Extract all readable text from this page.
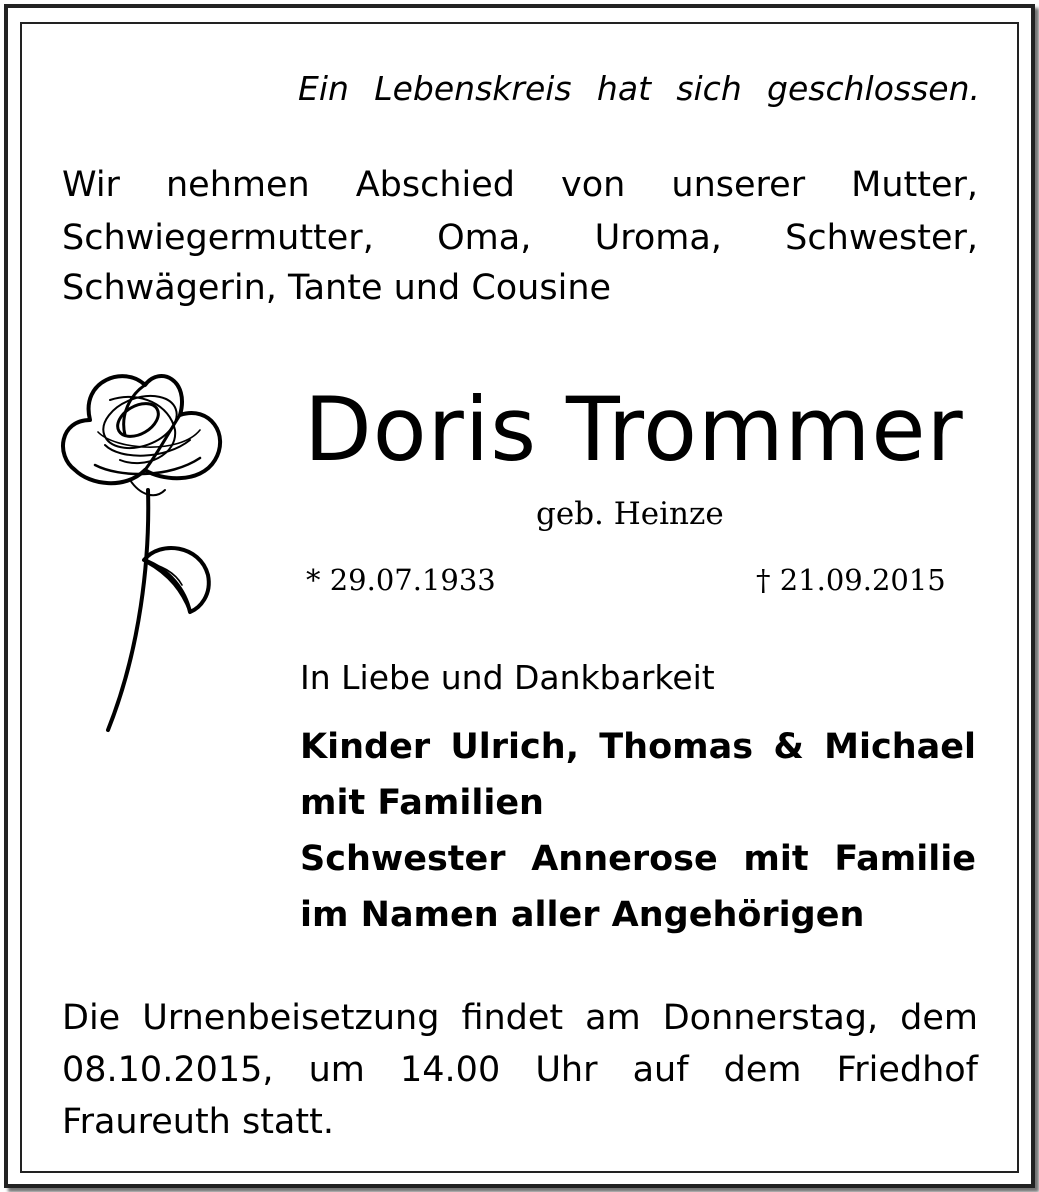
Ein Lebenskreis hat sich geschlossen.

Wir nehmen Abschied von unserer Mutter,

Schwiegermutter, Oma, Uroma, Schwester,

Schwägerin, Tante und Cousine

Doris Trommer

geb. Heinze

* 29.07.1933	† 21.09.2015

In Liebe und Dankbarkeit

Kinder Ulrich, Thomas & Michael

mit Familien

Schwester Annerose mit Familie

im Namen aller Angehörigen

Die Urnenbeisetzung findet am Donnerstag, dem

08.10.2015, um 14.00 Uhr auf dem Friedhof

Fraureuth statt.
